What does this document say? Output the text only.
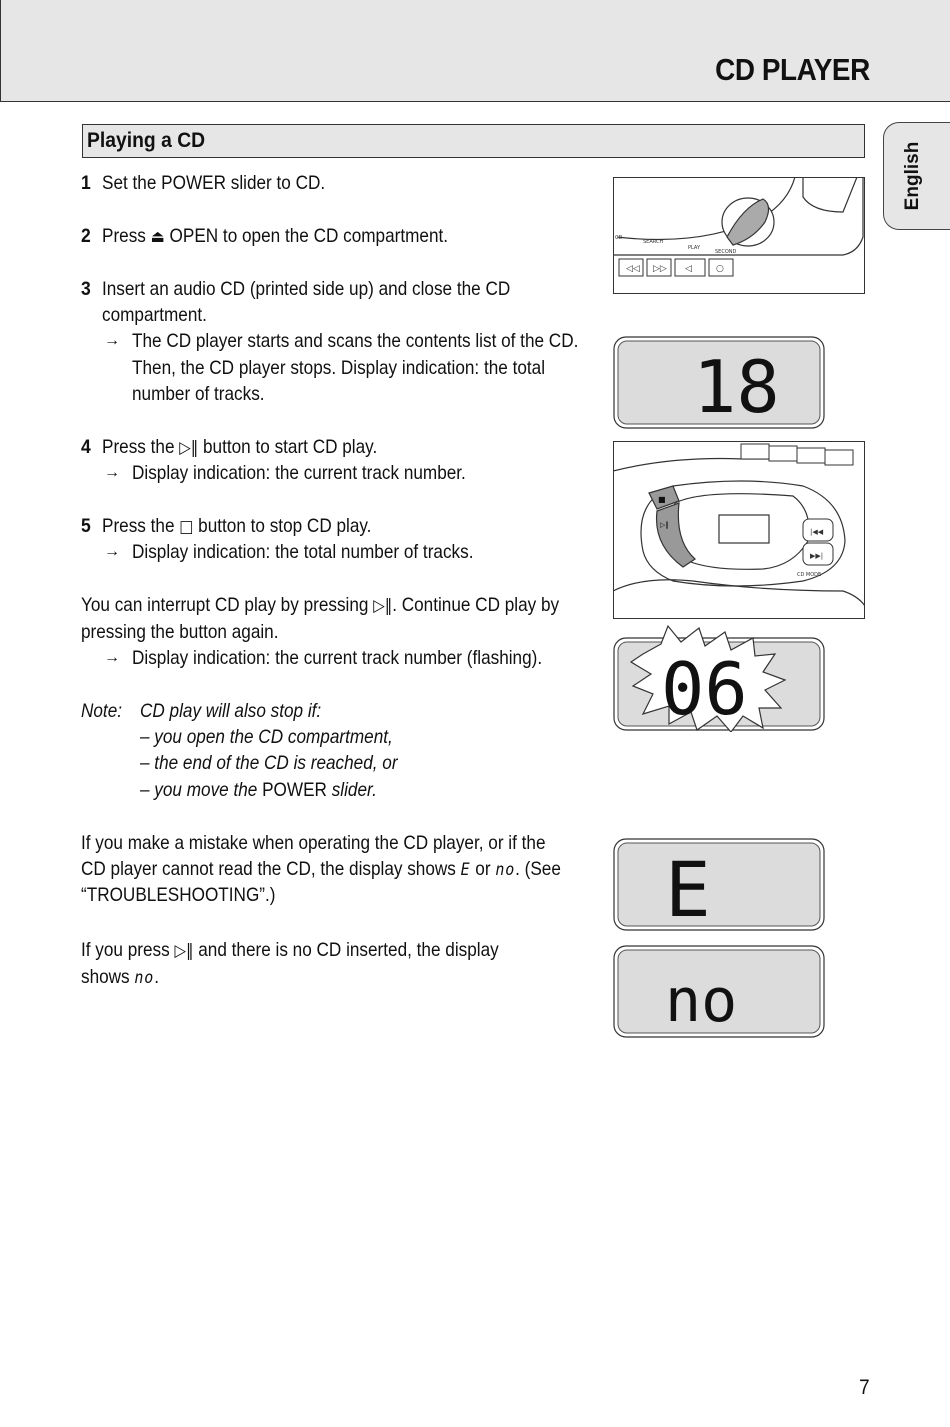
CD PLAYER
English
Playing a CD
1 Set the POWER slider to CD.
2 Press ⏏ OPEN to open the CD compartment.
3 Insert an audio CD (printed side up) and close the CD
compartment.
→ The CD player starts and scans the contents list of the CD.
Then, the CD player stops. Display indication: the total
number of tracks.
4 Press the ▷‖ button to start CD play.
→ Display indication: the current track number.
5 Press the □ button to stop CD play.
→ Display indication: the total number of tracks.
You can interrupt CD play by pressing ▷‖. Continue CD play by
pressing the button again.
→ Display indication: the current track number (flashing).
Note: CD play will also stop if:
– you open the CD compartment,
– the end of the CD is reached, or
– you move the POWER slider.
If you make a mistake when operating the CD player, or if the
CD player cannot read the CD, the display shows E or no. (See
“TROUBLESHOOTING”.)
If you press ▷‖ and there is no CD inserted, the display
shows no.
CD
SEARCH
PLAY
SECOND
◁◁ ▷▷ ◁	○
18
■
▷‖
|◀◀
▶▶|
CD MODE
06
E
no
7
